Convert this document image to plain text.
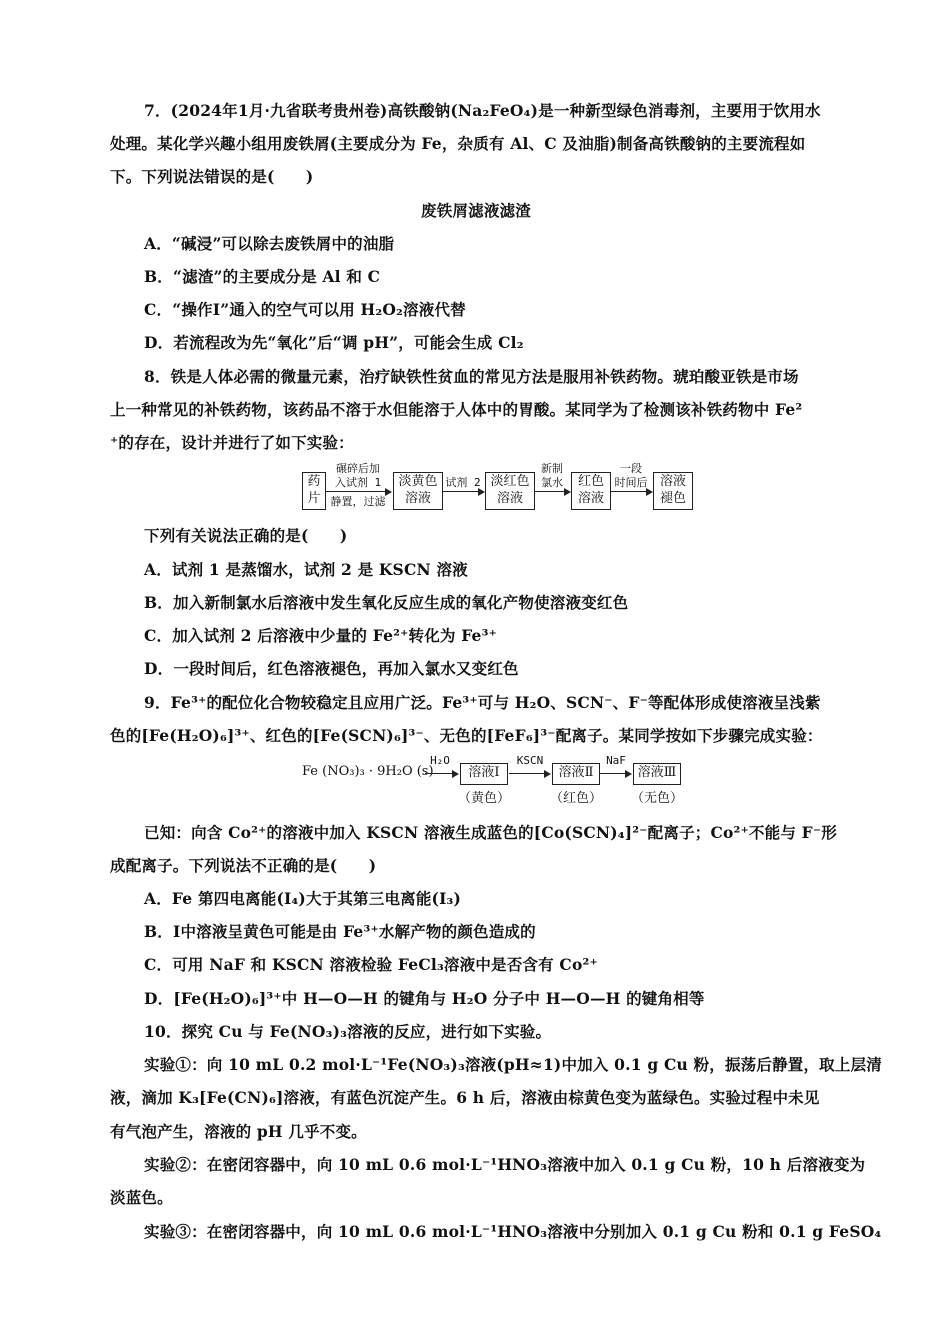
7．(2024年1月·九省联考贵州卷)高铁酸钠(Na₂FeO₄)是一种新型绿色消毒剂，主要用于饮用水
处理。某化学兴趣小组用废铁屑(主要成分为 Fe，杂质有 Al、C 及油脂)制备高铁酸钠的主要流程如
下。下列说法错误的是(　　)
废铁屑滤液滤渣
A．“碱浸”可以除去废铁屑中的油脂
B．“滤渣”的主要成分是 Al 和 C
C．“操作Ⅰ”通入的空气可以用 H₂O₂溶液代替
D．若流程改为先“氧化”后“调 pH”，可能会生成 Cl₂
8．铁是人体必需的微量元素，治疗缺铁性贫血的常见方法是服用补铁药物。琥珀酸亚铁是市场
上一种常见的补铁药物，该药品不溶于水但能溶于人体中的胃酸。某同学为了检测该补铁药物中 Fe²
⁺的存在，设计并进行了如下实验：
药
片
碾碎后加
入试剂 1
静置，过滤
淡黄色
溶液
试剂 2 淡红色
溶液
新制
氯水	红色
溶液
一段
时间后 溶液
褪色
下列有关说法正确的是(　　)
A．试剂 1 是蒸馏水，试剂 2 是 KSCN 溶液
B．加入新制氯水后溶液中发生氧化反应生成的氧化产物使溶液变红色
C．加入试剂 2 后溶液中少量的 Fe²⁺转化为 Fe³⁺
D．一段时间后，红色溶液褪色，再加入氯水又变红色
9．Fe³⁺的配位化合物较稳定且应用广泛。Fe³⁺可与 H₂O、SCN⁻、F⁻等配体形成使溶液呈浅紫
色的[Fe(H₂O)₆]³⁺、红色的[Fe(SCN)₆]³⁻、无色的[FeF₆]³⁻配离子。某同学按如下步骤完成实验：
Fe (NO₃)₃ · 9H₂O (s)
H₂O
溶液Ⅰ
（黄色）
KSCN
溶液Ⅱ
（红色）
NaF
溶液Ⅲ
（无色）
已知：向含 Co²⁺的溶液中加入 KSCN 溶液生成蓝色的[Co(SCN)₄]²⁻配离子；Co²⁺不能与 F⁻形
成配离子。下列说法不正确的是(　　)
A．Fe 第四电离能(I₄)大于其第三电离能(I₃)
B．Ⅰ中溶液呈黄色可能是由 Fe³⁺水解产物的颜色造成的
C．可用 NaF 和 KSCN 溶液检验 FeCl₃溶液中是否含有 Co²⁺
D．[Fe(H₂O)₆]³⁺中 H—O—H 的键角与 H₂O 分子中 H—O—H 的键角相等
10．探究 Cu 与 Fe(NO₃)₃溶液的反应，进行如下实验。
实验①：向 10 mL 0.2 mol·L⁻¹Fe(NO₃)₃溶液(pH≈1)中加入 0.1 g Cu 粉，振荡后静置，取上层清
液，滴加 K₃[Fe(CN)₆]溶液，有蓝色沉淀产生。6 h 后，溶液由棕黄色变为蓝绿色。实验过程中未见
有气泡产生，溶液的 pH 几乎不变。
实验②：在密闭容器中，向 10 mL 0.6 mol·L⁻¹HNO₃溶液中加入 0.1 g Cu 粉，10 h 后溶液变为
淡蓝色。
实验③：在密闭容器中，向 10 mL 0.6 mol·L⁻¹HNO₃溶液中分别加入 0.1 g Cu 粉和 0.1 g FeSO₄
